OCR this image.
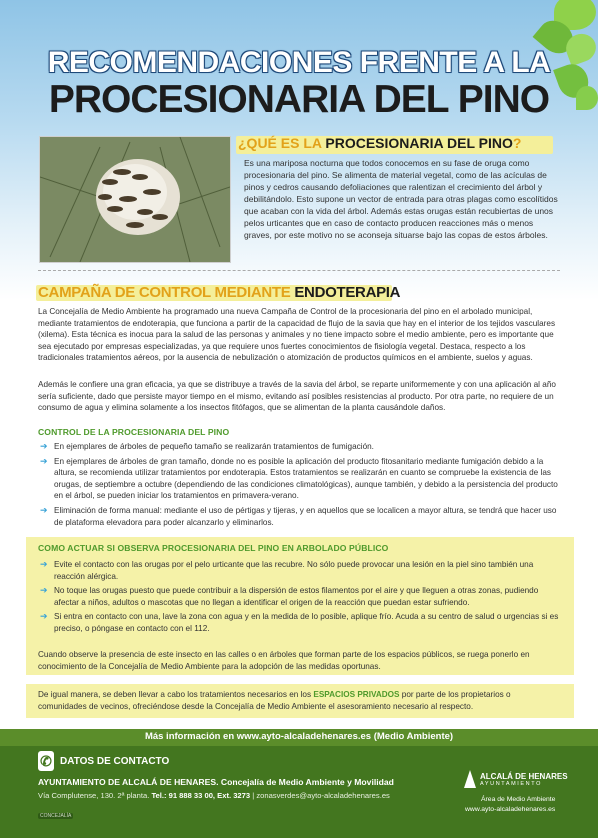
RECOMENDACIONES FRENTE A LA
PROCESIONARIA DEL PINO
¿QUÉ ES LA PROCESIONARIA DEL PINO?
Es una mariposa nocturna que todos conocemos en su fase de oruga como procesionaria del pino. Se alimenta de material vegetal, como de las acículas de pinos y cedros causando defoliaciones que ralentizan el crecimiento del árbol y debilitándolo. Esto supone un vector de entrada para otras plagas como escolítidos que acaban con la vida del árbol. Además estas orugas están recubiertas de unos pelos urticantes que en caso de contacto producen reacciones más o menos graves, por este motivo no se aconseja situarse bajo las copas de estos árboles.
CAMPAÑA DE CONTROL MEDIANTE ENDOTERAPIA
La Concejalía de Medio Ambiente ha programado una nueva Campaña de Control de la procesionaria del pino en el arbolado municipal, mediante tratamientos de endoterapia, que funciona a partir de la capacidad de flujo de la savia que hay en el interior de los tejidos vasculares (xilema). Esta técnica es inocua para la salud de las personas y animales y no tiene impacto sobre el medio ambiente, pero es importante que sea ejecutado por empresas especializadas, ya que requiere unos fuertes conocimientos de fisiología vegetal. Destaca, respecto a los tradicionales tratamientos aéreos, por la ausencia de nebulización o atomización de productos químicos en el ambiente, suelos y aguas.
Además le confiere una gran eficacia, ya que se distribuye a través de la savia del árbol, se reparte uniformemente y con una aplicación al año sería suficiente, dado que persiste mayor tiempo en el mismo, evitando así posibles resistencias al producto. Por otra parte, no requiere de un consumo de agua y elimina solamente a los insectos fitófagos, que se alimentan de la planta causándole daños.
CONTROL DE LA PROCESIONARIA DEL PINO
➔ En ejemplares de árboles de pequeño tamaño se realizarán tratamientos de fumigación.
➔ En ejemplares de árboles de gran tamaño, donde no es posible la aplicación del producto fitosanitario mediante fumigación debido a la altura, se recomienda utilizar tratamientos por endoterapia. Estos tratamientos se realizarán en cuanto se compruebe la existencia de las orugas, de septiembre a octubre (dependiendo de las condiciones climatológicas), aunque también, y debido a la persistencia del producto en el árbol, se pueden iniciar los tratamientos en primavera-verano.
➔ Eliminación de forma manual: mediante el uso de pértigas y tijeras, y en aquellos que se localicen a mayor altura, se tendrá que hacer uso de plataforma elevadora para poder alcanzarlo y eliminarlos.
COMO ACTUAR SI OBSERVA PROCESIONARIA DEL PINO EN ARBOLADO PÚBLICO
➔ Evite el contacto con las orugas por el pelo urticante que las recubre. No sólo puede provocar una lesión en la piel sino también una reacción alérgica.
➔ No toque las orugas puesto que puede contribuir a la dispersión de estos filamentos por el aire y que lleguen a otras zonas, pudiendo afectar a niños, adultos o mascotas que no llegan a identificar el origen de la reacción que puedan estar sufriendo.
➔ Si entra en contacto con una, lave la zona con agua y en la medida de lo posible, aplique frío. Acuda a su centro de salud o urgencias si es preciso, o póngase en contacto con el 112.
Cuando observe la presencia de este insecto en las calles o en árboles que forman parte de los espacios públicos, se ruega ponerlo en conocimiento de la Concejalía de Medio Ambiente para la adopción de las medidas oportunas.
De igual manera, se deben llevar a cabo los tratamientos necesarios en los ESPACIOS PRIVADOS por parte de los propietarios o comunidades de vecinos, ofreciéndose desde la Concejalía de Medio Ambiente el asesoramiento necesario al respecto.
Más información en www.ayto-alcaladehenares.es (Medio Ambiente)
✆ DATOS DE CONTACTO
AYUNTAMIENTO DE ALCALÁ DE HENARES. Concejalía de Medio Ambiente y Movilidad
Vía Complutense, 130. 2ª planta. Tel.: 91 888 33 00, Ext. 3273 | zonasverdes@ayto-alcaladehenares.es
CONCEJALÍA
ALCALÁ DE HENARES
AYUNTAMIENTO
Área de Medio Ambiente
www.ayto-alcaladehenares.es
